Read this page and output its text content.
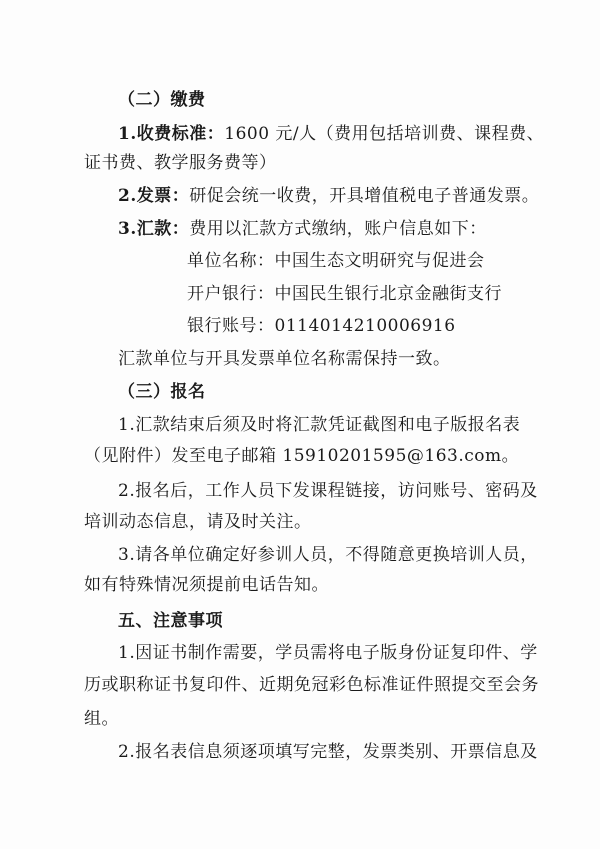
（二）缴费
1.收费标准：1600 元/人（费用包括培训费、课程费、
证书费、教学服务费等）
2.发票：研促会统一收费，开具增值税电子普通发票。
3.汇款：费用以汇款方式缴纳，账户信息如下：
单位名称：中国生态文明研究与促进会
开户银行：中国民生银行北京金融街支行
银行账号：0114014210006916
汇款单位与开具发票单位名称需保持一致。
（三）报名
1.汇款结束后须及时将汇款凭证截图和电子版报名表
（见附件）发至电子邮箱 15910201595@163.com。
2.报名后，工作人员下发课程链接，访问账号、密码及
培训动态信息，请及时关注。
3.请各单位确定好参训人员，不得随意更换培训人员，
如有特殊情况须提前电话告知。
五、注意事项
1.因证书制作需要，学员需将电子版身份证复印件、学
历或职称证书复印件、近期免冠彩色标准证件照提交至会务
组。
2.报名表信息须逐项填写完整，发票类别、开票信息及
